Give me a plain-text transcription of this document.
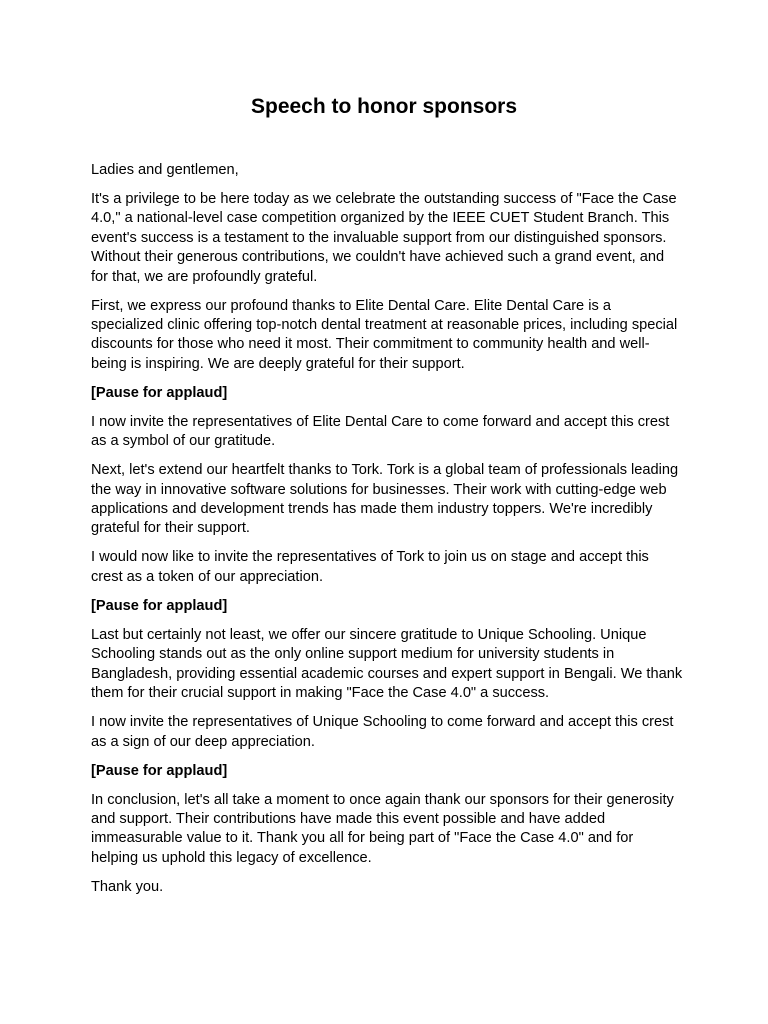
Speech to honor sponsors

Ladies and gentlemen,

It's a privilege to be here today as we celebrate the outstanding success of "Face the Case 4.0," a national-level case competition organized by the IEEE CUET Student Branch. This event's success is a testament to the invaluable support from our distinguished sponsors. Without their generous contributions, we couldn't have achieved such a grand event, and for that, we are profoundly grateful.

First, we express our profound thanks to Elite Dental Care. Elite Dental Care is a specialized clinic offering top-notch dental treatment at reasonable prices, including special discounts for those who need it most. Their commitment to community health and well-being is inspiring. We are deeply grateful for their support.

[Pause for applaud]

I now invite the representatives of Elite Dental Care to come forward and accept this crest as a symbol of our gratitude.

Next, let's extend our heartfelt thanks to Tork. Tork is a global team of professionals leading the way in innovative software solutions for businesses. Their work with cutting-edge web applications and development trends has made them industry toppers. We're incredibly grateful for their support.

I would now like to invite the representatives of Tork to join us on stage and accept this crest as a token of our appreciation.

[Pause for applaud]

Last but certainly not least, we offer our sincere gratitude to Unique Schooling. Unique Schooling stands out as the only online support medium for university students in Bangladesh, providing essential academic courses and expert support in Bengali. We thank them for their crucial support in making "Face the Case 4.0" a success.

I now invite the representatives of Unique Schooling to come forward and accept this crest as a sign of our deep appreciation.

[Pause for applaud]

In conclusion, let's all take a moment to once again thank our sponsors for their generosity and support. Their contributions have made this event possible and have added immeasurable value to it. Thank you all for being part of "Face the Case 4.0" and for helping us uphold this legacy of excellence.

Thank you.
